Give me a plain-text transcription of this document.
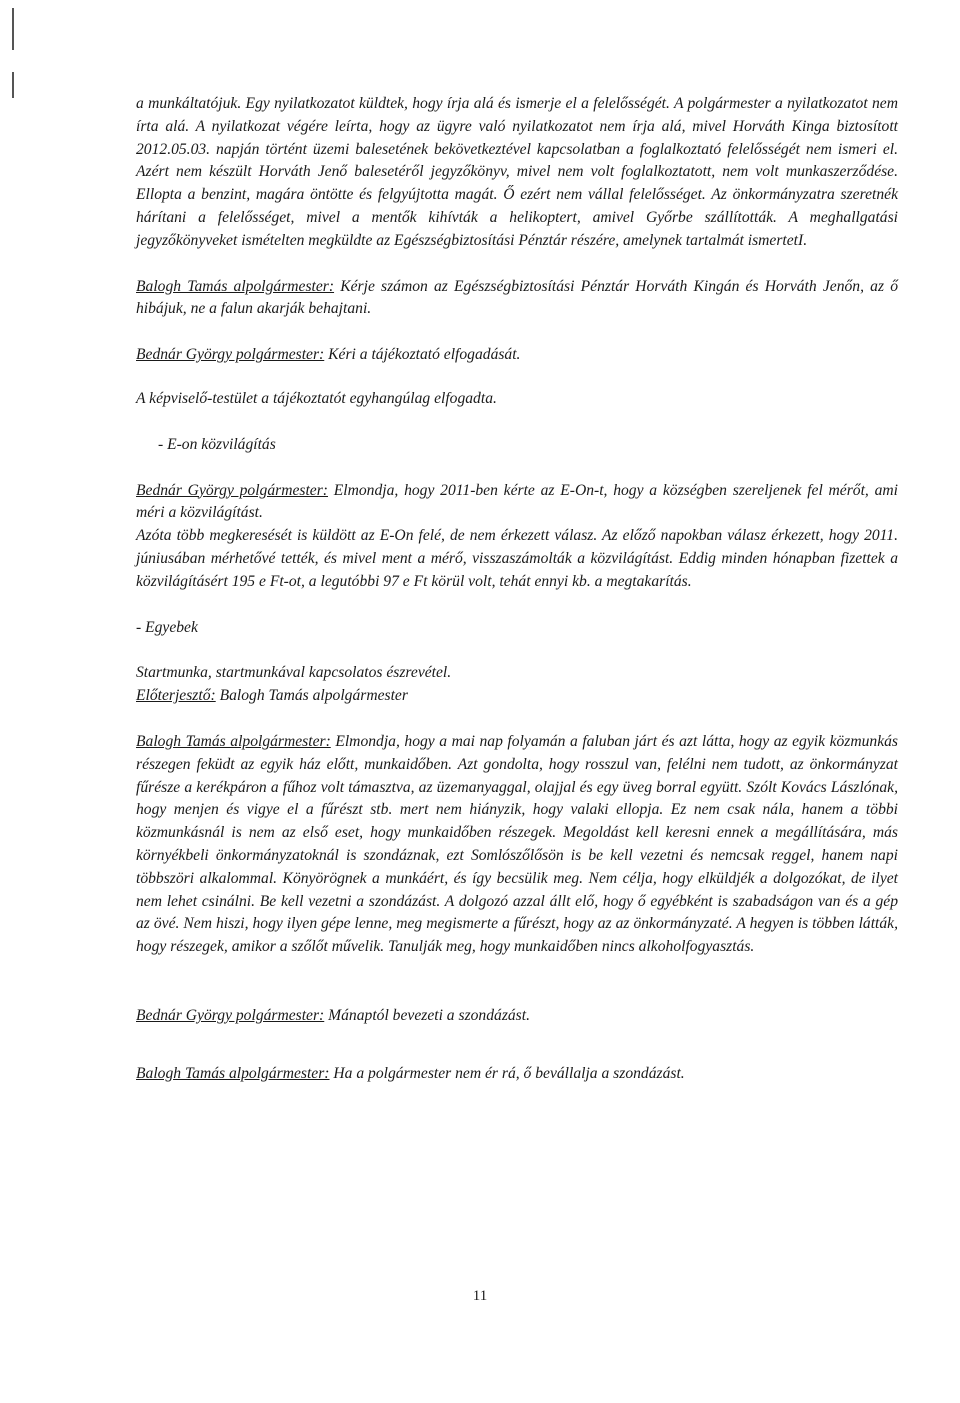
a munkáltatójuk. Egy nyilatkozatot küldtek, hogy írja alá és ismerje el a felelősségét. A polgármester a nyilatkozatot nem írta alá. A nyilatkozat végére leírta, hogy az ügyre való nyilatkozatot nem írja alá, mivel Horváth Kinga biztosított 2012.05.03. napján történt üzemi balesetének bekövetkeztével kapcsolatban a foglalkoztató felelősségét nem ismeri el. Azért nem készült Horváth Jenő balesetéről jegyzőkönyv, mivel nem volt foglalkoztatott, nem volt munkaszerződése. Ellopta a benzint, magára öntötte és felgyújtotta magát. Ő ezért nem vállal felelősséget. Az önkormányzatra szeretnék hárítani a felelősséget, mivel a mentők kihívták a helikoptert, amivel Győrbe szállították. A meghallgatási jegyzőkönyveket ismételten megküldte az Egészségbiztosítási Pénztár részére, amelynek tartalmát ismertetI.

Balogh Tamás alpolgármester: Kérje számon az Egészségbiztosítási Pénztár Horváth Kingán és Horváth Jenőn, az ő hibájuk, ne a falun akarják behajtani.

Bednár György polgármester: Kéri a tájékoztató elfogadását.

A képviselő-testület a tájékoztatót egyhangúlag elfogadta.

- E-on közvilágítás

Bednár György polgármester: Elmondja, hogy 2011-ben kérte az E-On-t, hogy a községben szereljenek fel mérőt, ami méri a közvilágítást.

Azóta több megkeresését is küldött az E-On felé, de nem érkezett válasz. Az előző napokban válasz érkezett, hogy 2011. júniusában mérhetővé tették, és mivel ment a mérő, visszaszámolták a közvilágítást. Eddig minden hónapban fizettek a közvilágításért 195 e Ft-ot, a legutóbbi 97 e Ft körül volt, tehát ennyi kb. a megtakarítás.

- Egyebek

Startmunka, startmunkával kapcsolatos észrevétel.

Előterjesztő: Balogh Tamás alpolgármester

Balogh Tamás alpolgármester: Elmondja, hogy a mai nap folyamán a faluban járt és azt látta, hogy az egyik közmunkás részegen feküdt az egyik ház előtt, munkaidőben. Azt gondolta, hogy rosszul van, felélni nem tudott, az önkormányzat fűrésze a kerékpáron a fűhoz volt támasztva, az üzemanyaggal, olajjal és egy üveg borral együtt. Szólt Kovács Lászlónak, hogy menjen és vigye el a fűrészt stb. mert nem hiányzik, hogy valaki ellopja. Ez nem csak nála, hanem a többi közmunkásnál is nem az első eset, hogy munkaidőben részegek. Megoldást kell keresni ennek a megállítására, más környékbeli önkormányzatoknál is szondáznak, ezt Somlószőlősön is be kell vezetni és nemcsak reggel, hanem napi többszöri alkalommal. Könyörögnek a munkáért, és így becsülik meg. Nem célja, hogy elküldjék a dolgozókat, de ilyet nem lehet csinálni. Be kell vezetni a szondázást. A dolgozó azzal állt elő, hogy ő egyébként is szabadságon van és a gép az övé. Nem hiszi, hogy ilyen gépe lenne, meg megismerte a fűrészt, hogy az az önkormányzaté. A hegyen is többen látták, hogy részegek, amikor a szőlőt művelik. Tanulják meg, hogy munkaidőben nincs alkoholfogyasztás.

Bednár György polgármester: Mánaptól bevezeti a szondázást.

Balogh Tamás alpolgármester: Ha a polgármester nem ér rá, ő bevállalja a szondázást.

11
